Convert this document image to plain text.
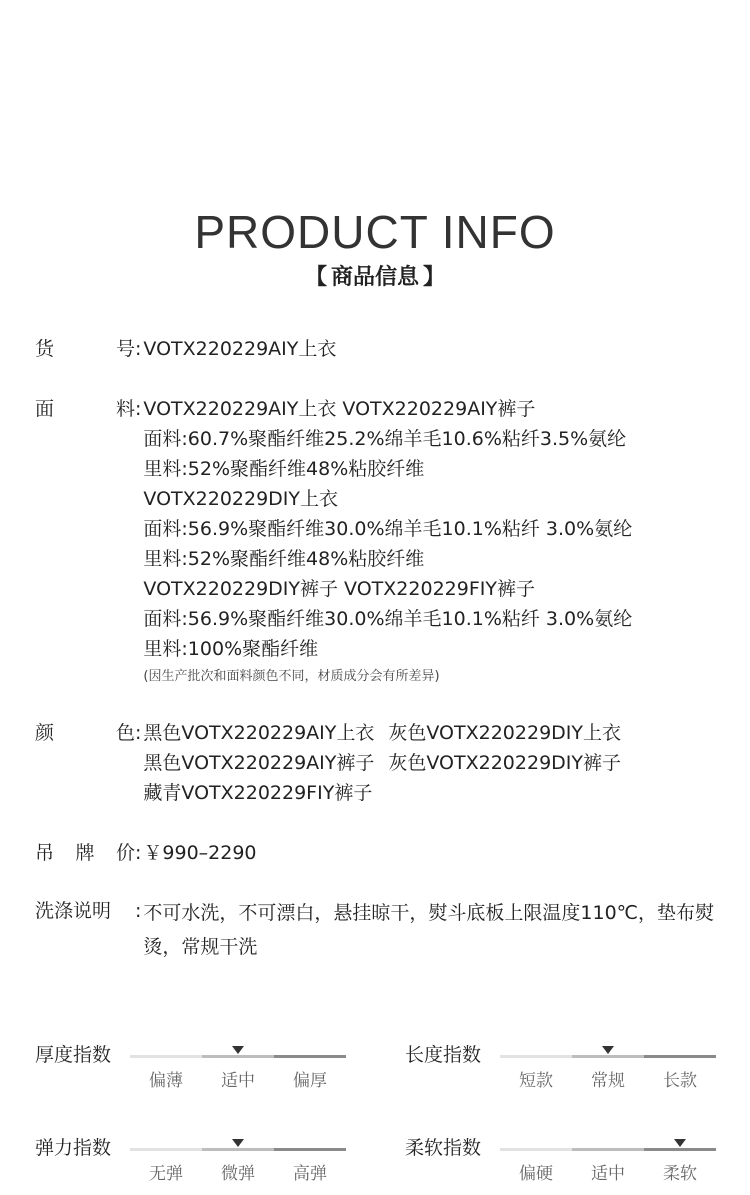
PRODUCT INFO
【 商品信息 】
货	号 : VOTX220229AIY上衣
面	料 : VOTX220229AIY上衣 VOTX220229AIY裤子
面料:60.7%聚酯纤维25.2%绵羊毛10.6%粘纤3.5%氨纶
里料:52%聚酯纤维48%粘胶纤维
VOTX220229DIY上衣
面料:56.9%聚酯纤维30.0%绵羊毛10.1%粘纤 3.0%氨纶
里料:52%聚酯纤维48%粘胶纤维
VOTX220229DIY裤子 VOTX220229FIY裤子
面料:56.9%聚酯纤维30.0%绵羊毛10.1%粘纤 3.0%氨纶
里料:100%聚酯纤维
(因生产批次和面料颜色不同，材质成分会有所差异)
颜	色 : 黑色VOTX220229AIY上衣 灰色VOTX220229DIY上衣
黑色VOTX220229AIY裤子 灰色VOTX220229DIY裤子
藏青VOTX220229FIY裤子
吊 牌 价 : ￥990–2290
洗涤说明 : 不可水洗，不可漂白，悬挂晾干，熨斗底板上限温度110℃，垫布熨烫，常规干洗
厚度指数
偏薄	适中	偏厚
长度指数
短款	常规	长款
弹力指数
无弹	微弹	高弹
柔软指数
偏硬	适中	柔软
